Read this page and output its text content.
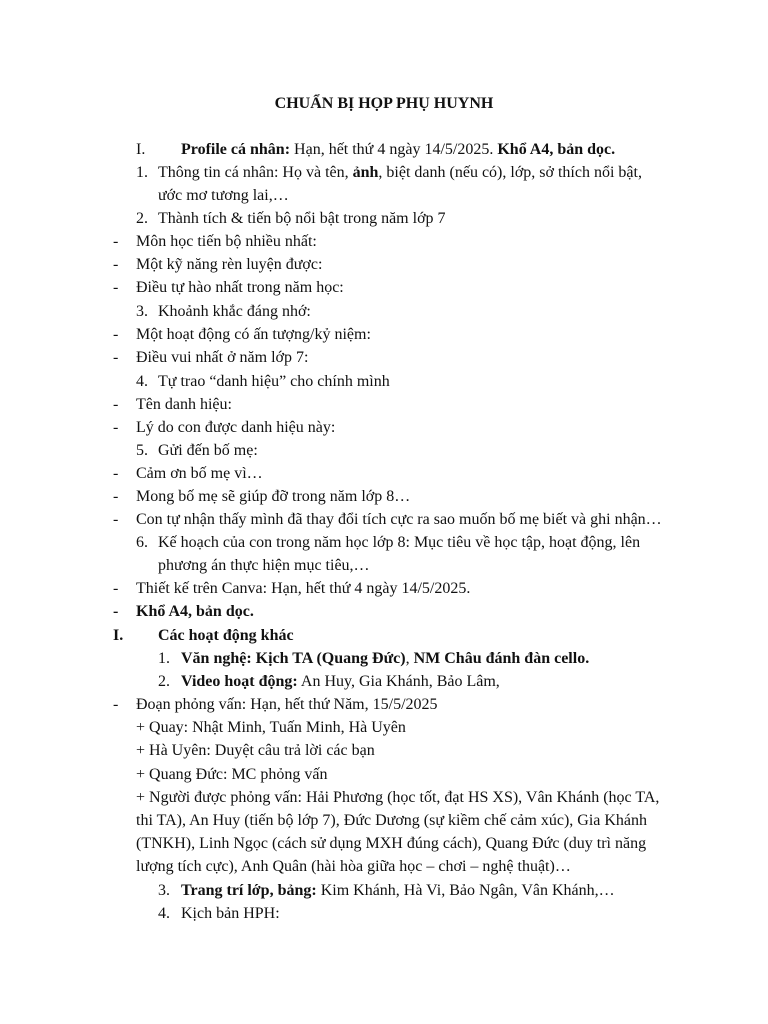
CHUẨN BỊ HỌP PHỤ HUYNH
I. Profile cá nhân: Hạn, hết thứ 4 ngày 14/5/2025. Khổ A4, bản dọc.
1. Thông tin cá nhân: Họ và tên, ảnh, biệt danh (nếu có), lớp, sở thích nổi bật,
ước mơ tương lai,…
2. Thành tích & tiến bộ nổi bật trong năm lớp 7
- Môn học tiến bộ nhiều nhất:
- Một kỹ năng rèn luyện được:
- Điều tự hào nhất trong năm học:
3. Khoảnh khắc đáng nhớ:
- Một hoạt động có ấn tượng/kỷ niệm:
- Điều vui nhất ở năm lớp 7:
4. Tự trao “danh hiệu” cho chính mình
- Tên danh hiệu:
- Lý do con được danh hiệu này:
5. Gửi đến bố mẹ:
- Cảm ơn bố mẹ vì…
- Mong bố mẹ sẽ giúp đỡ trong năm lớp 8…
- Con tự nhận thấy mình đã thay đổi tích cực ra sao muốn bố mẹ biết và ghi nhận…
6. Kế hoạch của con trong năm học lớp 8: Mục tiêu về học tập, hoạt động, lên
phương án thực hiện mục tiêu,…
- Thiết kế trên Canva: Hạn, hết thứ 4 ngày 14/5/2025.
- Khổ A4, bản dọc.
I. Các hoạt động khác
1. Văn nghệ: Kịch TA (Quang Đức), NM Châu đánh đàn cello.
2. Video hoạt động: An Huy, Gia Khánh, Bảo Lâm,
- Đoạn phỏng vấn: Hạn, hết thứ Năm, 15/5/2025
+ Quay: Nhật Minh, Tuấn Minh, Hà Uyên
+ Hà Uyên: Duyệt câu trả lời các bạn
+ Quang Đức: MC phỏng vấn
+ Người được phỏng vấn: Hải Phương (học tốt, đạt HS XS), Vân Khánh (học TA,
thi TA), An Huy (tiến bộ lớp 7), Đức Dương (sự kiềm chế cảm xúc), Gia Khánh
(TNKH), Linh Ngọc (cách sử dụng MXH đúng cách), Quang Đức (duy trì năng
lượng tích cực), Anh Quân (hài hòa giữa học – chơi – nghệ thuật)…
3. Trang trí lớp, bảng: Kim Khánh, Hà Vi, Bảo Ngân, Vân Khánh,…
4. Kịch bản HPH:
